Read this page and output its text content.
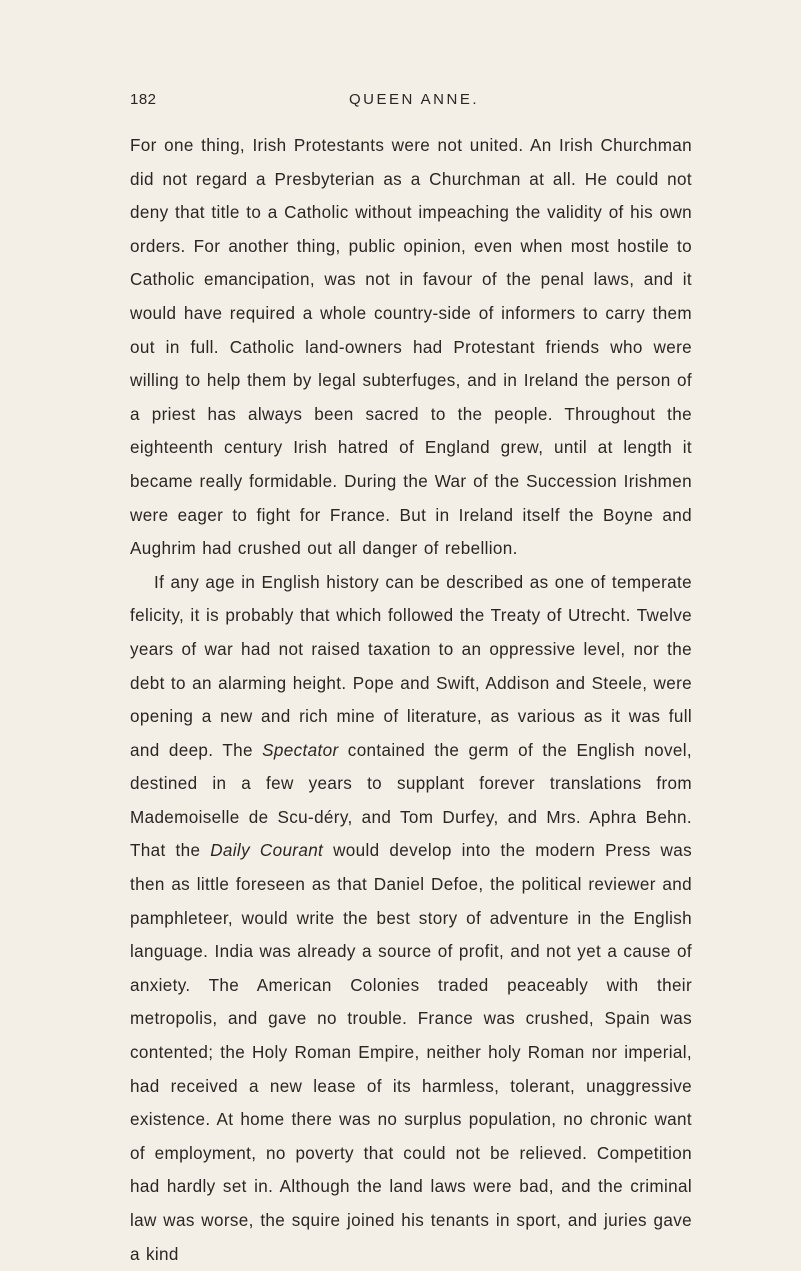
182	QUEEN ANNE.

For one thing, Irish Protestants were not united. An Irish Churchman did not regard a Presbyterian as a Churchman at all. He could not deny that title to a Catholic without impeaching the validity of his own orders. For another thing, public opinion, even when most hostile to Catholic emancipation, was not in favour of the penal laws, and it would have required a whole country-side of informers to carry them out in full. Catholic land-owners had Protestant friends who were willing to help them by legal subterfuges, and in Ireland the person of a priest has always been sacred to the people. Throughout the eighteenth century Irish hatred of England grew, until at length it became really formidable. During the War of the Succession Irishmen were eager to fight for France. But in Ireland itself the Boyne and Aughrim had crushed out all danger of rebellion.

If any age in English history can be described as one of temperate felicity, it is probably that which followed the Treaty of Utrecht. Twelve years of war had not raised taxation to an oppressive level, nor the debt to an alarming height. Pope and Swift, Addison and Steele, were opening a new and rich mine of literature, as various as it was full and deep. The Spectator contained the germ of the English novel, destined in a few years to supplant forever translations from Mademoiselle de Scu-déry, and Tom Durfey, and Mrs. Aphra Behn. That the Daily Courant would develop into the modern Press was then as little foreseen as that Daniel Defoe, the political reviewer and pamphleteer, would write the best story of adventure in the English language. India was already a source of profit, and not yet a cause of anxiety. The American Colonies traded peaceably with their metropolis, and gave no trouble. France was crushed, Spain was contented; the Holy Roman Empire, neither holy Roman nor imperial, had received a new lease of its harmless, tolerant, unaggressive existence. At home there was no surplus population, no chronic want of employment, no poverty that could not be relieved. Competition had hardly set in. Although the land laws were bad, and the criminal law was worse, the squire joined his tenants in sport, and juries gave a kind
